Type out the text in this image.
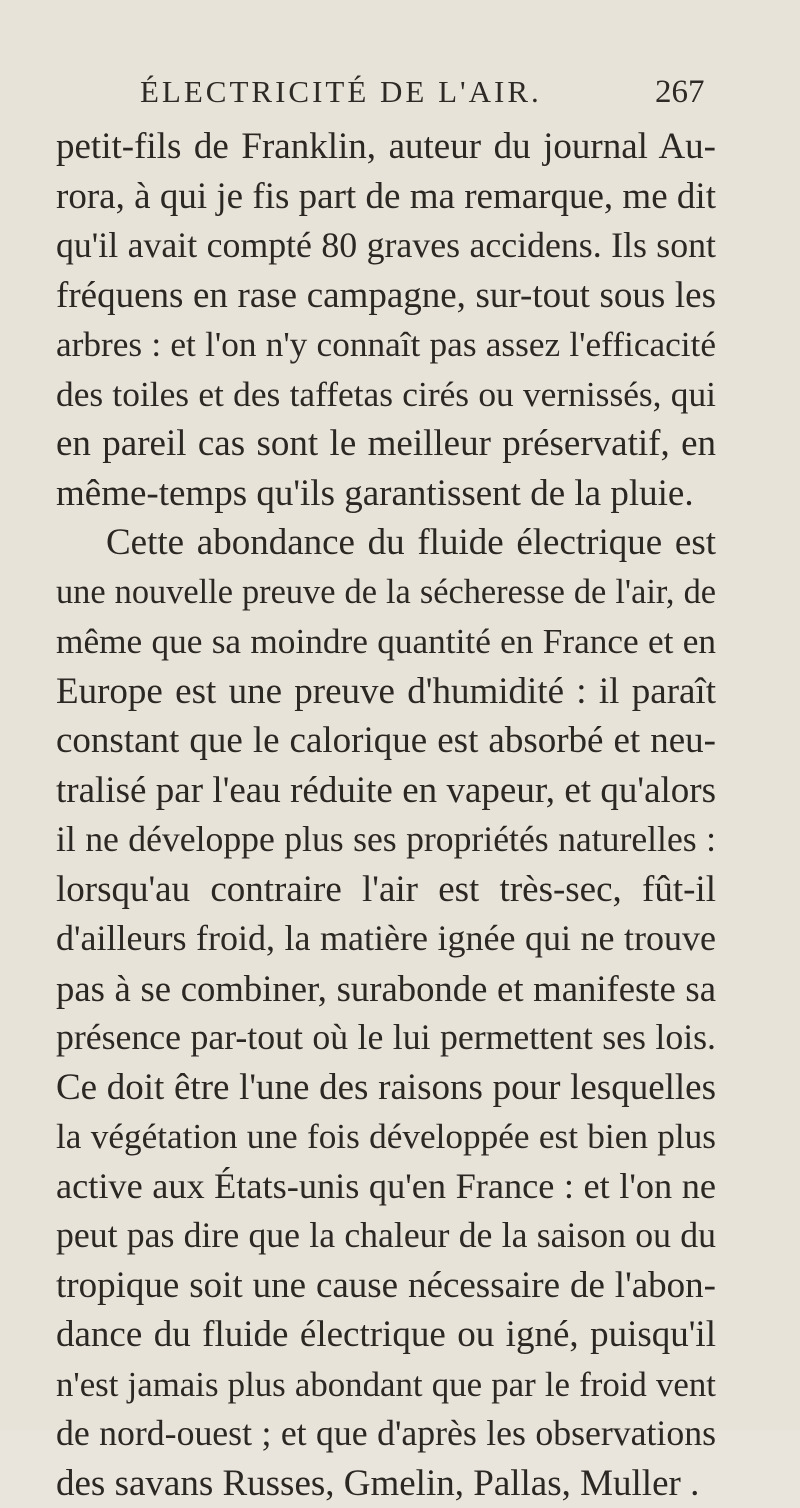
ÉLECTRICITÉ DE L'AIR.	267
petit-fils de Franklin, auteur du journal Au-
rora, à qui je fis part de ma remarque, me dit
qu'il avait compté 80 graves accidens. Ils sont
fréquens en rase campagne, sur-tout sous les
arbres : et l'on n'y connaît pas assez l'efficacité
des toiles et des taffetas cirés ou vernissés, qui
en pareil cas sont le meilleur préservatif, en
même-temps qu'ils garantissent de la pluie.
Cette abondance du fluide électrique est
une nouvelle preuve de la sécheresse de l'air, de
même que sa moindre quantité en France et en
Europe est une preuve d'humidité : il paraît
constant que le calorique est absorbé et neu-
tralisé par l'eau réduite en vapeur, et qu'alors
il ne développe plus ses propriétés naturelles :
lorsqu'au contraire l'air est très-sec, fût-il
d'ailleurs froid, la matière ignée qui ne trouve
pas à se combiner, surabonde et manifeste sa
présence par-tout où le lui permettent ses lois.
Ce doit être l'une des raisons pour lesquelles
la végétation une fois développée est bien plus
active aux États-unis qu'en France : et l'on ne
peut pas dire que la chaleur de la saison ou du
tropique soit une cause nécessaire de l'abon-
dance du fluide électrique ou igné, puisqu'il
n'est jamais plus abondant que par le froid vent
de nord-ouest ; et que d'après les observations
des savans Russes, Gmelin, Pallas, Muller .
